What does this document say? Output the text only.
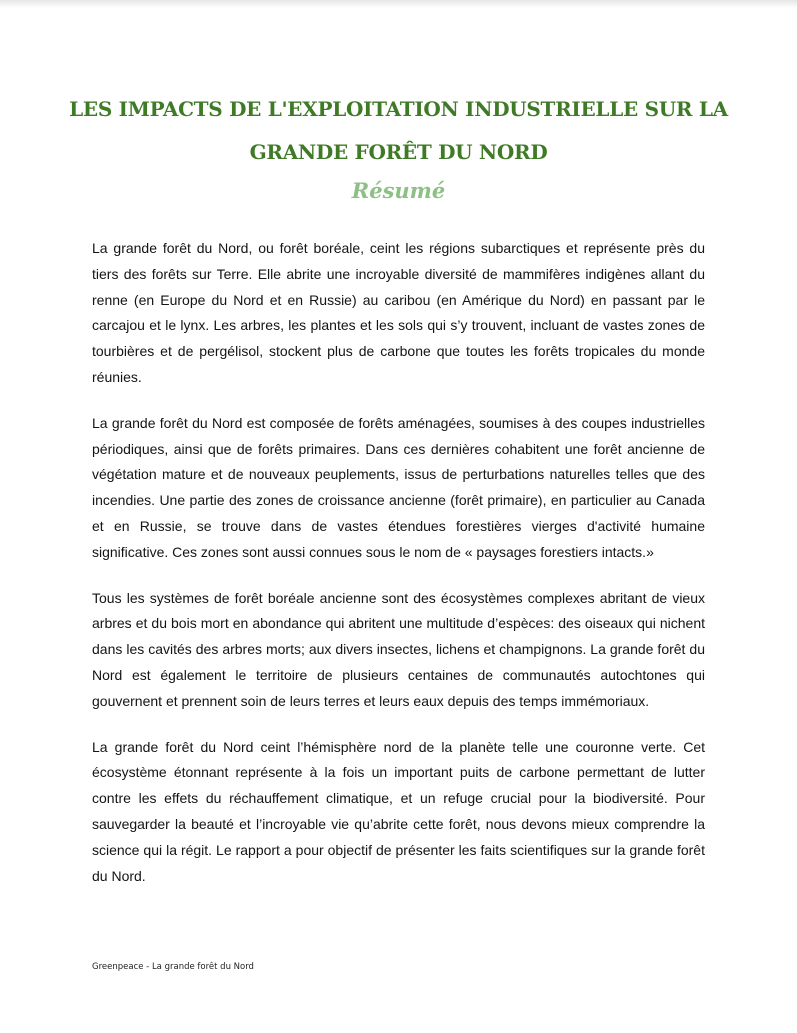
LES IMPACTS DE L'EXPLOITATION INDUSTRIELLE SUR LA GRANDE FORÊT DU NORD
Résumé

La grande forêt du Nord, ou forêt boréale, ceint les régions subarctiques et représente près du tiers des forêts sur Terre. Elle abrite une incroyable diversité de mammifères indigènes allant du renne (en Europe du Nord et en Russie) au caribou (en Amérique du Nord) en passant par le carcajou et le lynx. Les arbres, les plantes et les sols qui s’y trouvent, incluant de vastes zones de tourbières et de pergélisol, stockent plus de carbone que toutes les forêts tropicales du monde réunies.

La grande forêt du Nord est composée de forêts aménagées, soumises à des coupes industrielles périodiques, ainsi que de forêts primaires. Dans ces dernières cohabitent une forêt ancienne de végétation mature et de nouveaux peuplements, issus de perturbations naturelles telles que des incendies. Une partie des zones de croissance ancienne (forêt primaire), en particulier au Canada et en Russie, se trouve dans de vastes étendues forestières vierges d'activité humaine significative. Ces zones sont aussi connues sous le nom de « paysages forestiers intacts.»

Tous les systèmes de forêt boréale ancienne sont des écosystèmes complexes abritant de vieux arbres et du bois mort en abondance qui abritent une multitude d’espèces: des oiseaux qui nichent dans les cavités des arbres morts; aux divers insectes, lichens et champignons. La grande forêt du Nord est également le territoire de plusieurs centaines de communautés autochtones qui gouvernent et prennent soin de leurs terres et leurs eaux depuis des temps immémoriaux.

La grande forêt du Nord ceint l’hémisphère nord de la planète telle une couronne verte. Cet écosystème étonnant représente à la fois un important puits de carbone permettant de lutter contre les effets du réchauffement climatique, et un refuge crucial pour la biodiversité. Pour sauvegarder la beauté et l’incroyable vie qu’abrite cette forêt, nous devons mieux comprendre la science qui la régit. Le rapport a pour objectif de présenter les faits scientifiques sur la grande forêt du Nord.

Greenpeace - La grande forêt du Nord
